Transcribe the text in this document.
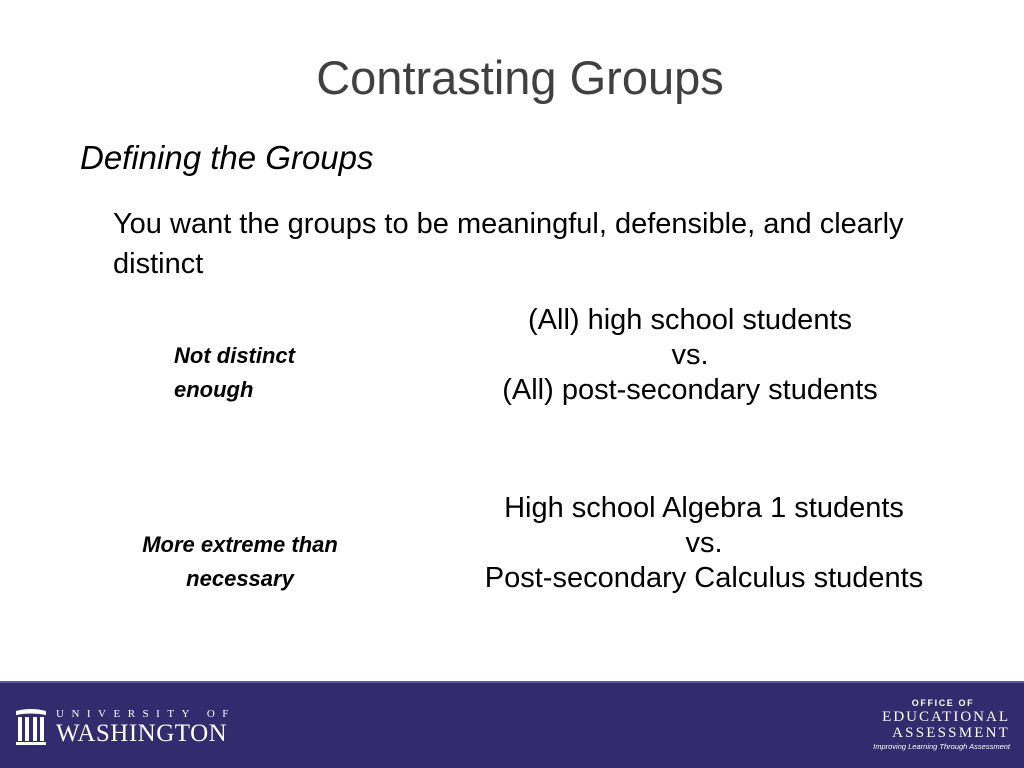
Contrasting Groups
Defining the Groups
You want the groups to be meaningful, defensible, and clearly distinct
Not distinct
enough
(All) high school students
vs.
(All) post-secondary students
More extreme than
necessary
High school Algebra 1 students
vs.
Post-secondary Calculus students
UNIVERSITY OF
WASHINGTON
OFFICE OF
EDUCATIONAL
ASSESSMENT
Improving Learning Through Assessment
